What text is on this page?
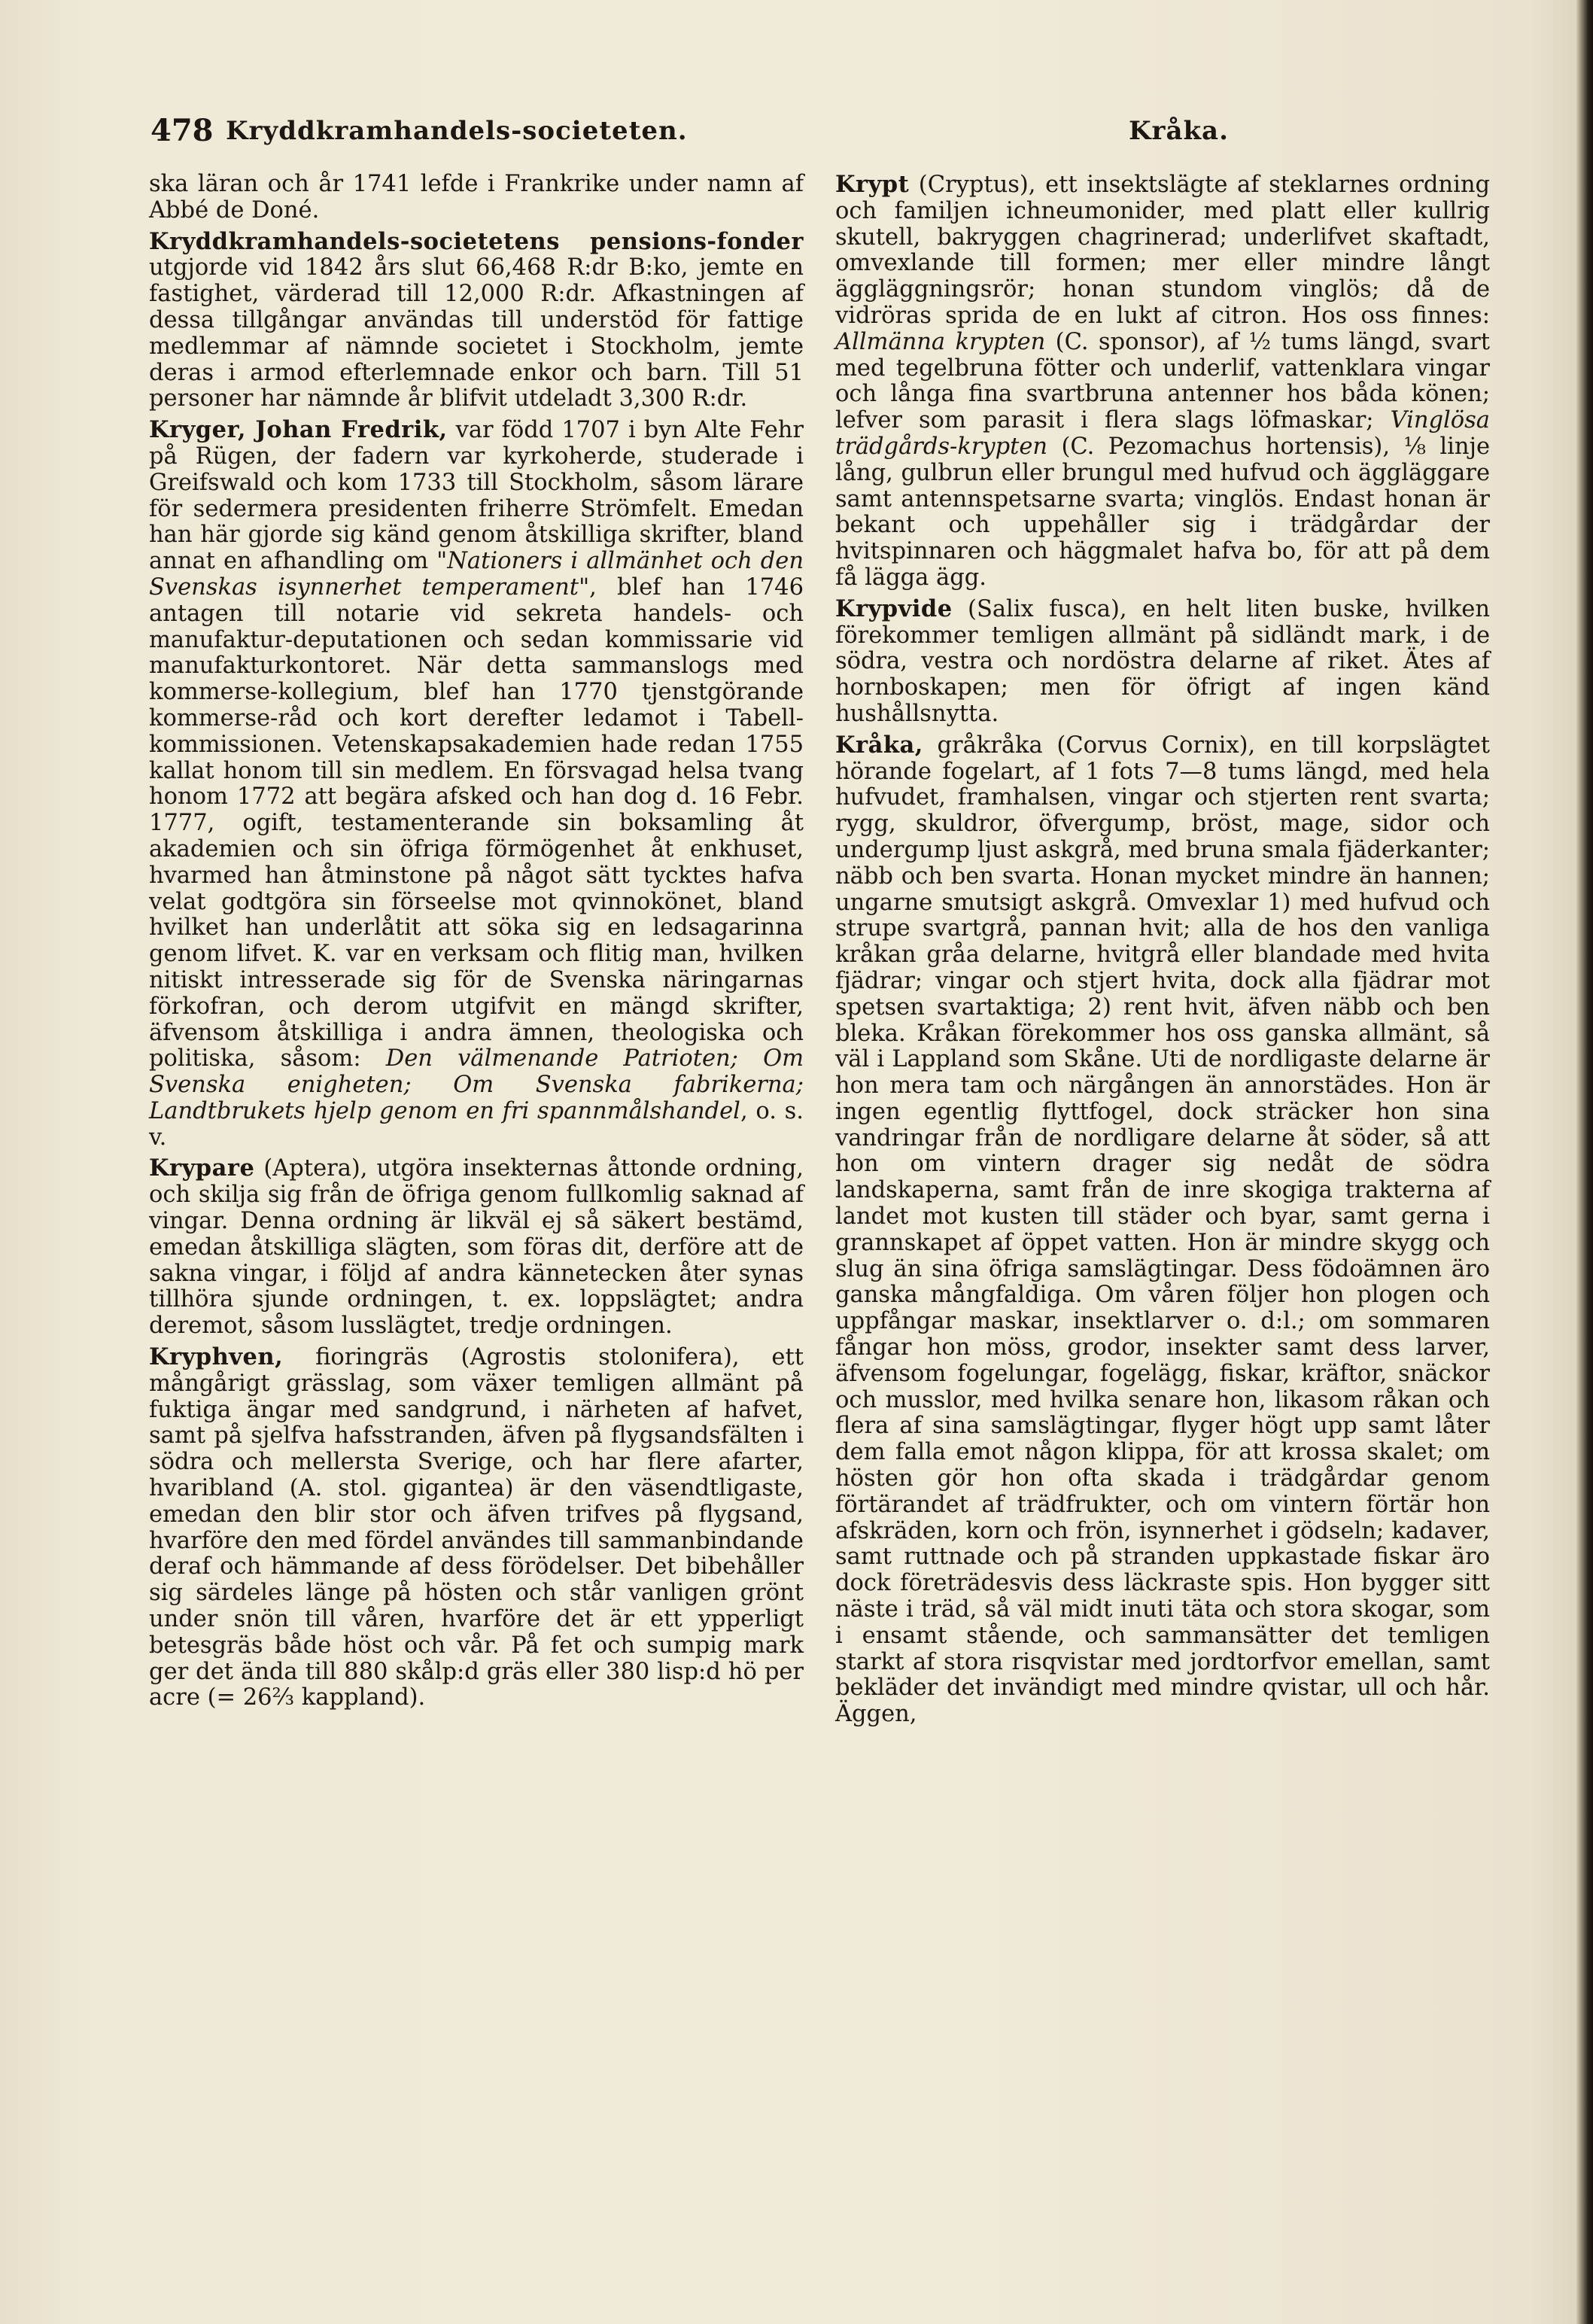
478 Kryddkramhandels-societeten.	Kråka.

ska läran och år 1741 lefde i Frankrike under namn af Abbé de Doné.

Kryddkramhandels-societetens pensions-fonder utgjorde vid 1842 års slut 66,468 R:dr B:ko, jemte en fastighet, värderad till 12,000 R:dr. Afkastningen af dessa tillgångar användas till understöd för fattige medlemmar af nämnde societet i Stockholm, jemte deras i armod efterlemnade enkor och barn. Till 51 personer har nämnde år blifvit utdeladt 3,300 R:dr.

Kryger, Johan Fredrik, var född 1707 i byn Alte Fehr på Rügen, der fadern var kyrkoherde, studerade i Greifswald och kom 1733 till Stockholm, såsom lärare för sedermera presidenten friherre Strömfelt. Emedan han här gjorde sig känd genom åtskilliga skrifter, bland annat en afhandling om "Nationers i allmänhet och den Svenskas isynnerhet temperament", blef han 1746 antagen till notarie vid sekreta handels- och manufaktur-deputationen och sedan kommissarie vid manufakturkontoret. När detta sammanslogs med kommerse-kollegium, blef han 1770 tjenstgörande kommerse-råd och kort derefter ledamot i Tabell-kommissionen. Vetenskapsakademien hade redan 1755 kallat honom till sin medlem. En försvagad helsa tvang honom 1772 att begära afsked och han dog d. 16 Febr. 1777, ogift, testamenterande sin boksamling åt akademien och sin öfriga förmögenhet åt enkhuset, hvarmed han åtminstone på något sätt tycktes hafva velat godtgöra sin förseelse mot qvinnokönet, bland hvilket han underlåtit att söka sig en ledsagarinna genom lifvet. K. var en verksam och flitig man, hvilken nitiskt intresserade sig för de Svenska näringarnas förkofran, och derom utgifvit en mängd skrifter, äfvensom åtskilliga i andra ämnen, theologiska och politiska, såsom: Den välmenande Patrioten; Om Svenska enigheten; Om Svenska fabrikerna; Landtbrukets hjelp genom en fri spannmålshandel, o. s. v.

Krypare (Aptera), utgöra insekternas åttonde ordning, och skilja sig från de öfriga genom fullkomlig saknad af vingar. Denna ordning är likväl ej så säkert bestämd, emedan åtskilliga slägten, som föras dit, derföre att de sakna vingar, i följd af andra kännetecken åter synas tillhöra sjunde ordningen, t. ex. loppslägtet; andra deremot, såsom lusslägtet, tredje ordningen.

Kryphven, fioringräs (Agrostis stolonifera), ett mångårigt grässlag, som växer temligen allmänt på fuktiga ängar med sandgrund, i närheten af hafvet, samt på sjelfva hafsstranden, äfven på flygsandsfälten i södra och mellersta Sverige, och har flere afarter, hvaribland (A. stol. gigantea) är den väsendtligaste, emedan den blir stor och äfven trifves på flygsand, hvarföre den med fördel användes till sammanbindande deraf och hämmande af dess förödelser. Det bibehåller sig särdeles länge på hösten och står vanligen grönt under snön till våren, hvarföre det är ett ypperligt betesgräs både höst och vår. På fet och sumpig mark ger det ända till 880 skålp:d gräs eller 380 lisp:d hö per acre (= 26⅔ kappland).

Krypt (Cryptus), ett insektslägte af steklarnes ordning och familjen ichneumonider, med platt eller kullrig skutell, bakryggen chagrinerad; underlifvet skaftadt, omvexlande till formen; mer eller mindre långt äggläggningsrör; honan stundom vinglös; då de vidröras sprida de en lukt af citron. Hos oss finnes: Allmänna krypten (C. sponsor), af ½ tums längd, svart med tegelbruna fötter och underlif, vattenklara vingar och långa fina svartbruna antenner hos båda könen; lefver som parasit i flera slags löfmaskar; Vinglösa trädgårds-krypten (C. Pezomachus hortensis), ⅛ linje lång, gulbrun eller brungul med hufvud och äggläggare samt antennspetsarne svarta; vinglös. Endast honan är bekant och uppehåller sig i trädgårdar der hvitspinnaren och häggmalet hafva bo, för att på dem få lägga ägg.

Krypvide (Salix fusca), en helt liten buske, hvilken förekommer temligen allmänt på sidländt mark, i de södra, vestra och nordöstra delarne af riket. Ätes af hornboskapen; men för öfrigt af ingen känd hushållsnytta.

Kråka, gråkråka (Corvus Cornix), en till korpslägtet hörande fogelart, af 1 fots 7—8 tums längd, med hela hufvudet, framhalsen, vingar och stjerten rent svarta; rygg, skuldror, öfvergump, bröst, mage, sidor och undergump ljust askgrå, med bruna smala fjäderkanter; näbb och ben svarta. Honan mycket mindre än hannen; ungarne smutsigt askgrå. Omvexlar 1) med hufvud och strupe svartgrå, pannan hvit; alla de hos den vanliga kråkan gråa delarne, hvitgrå eller blandade med hvita fjädrar; vingar och stjert hvita, dock alla fjädrar mot spetsen svartaktiga; 2) rent hvit, äfven näbb och ben bleka. Kråkan förekommer hos oss ganska allmänt, så väl i Lappland som Skåne. Uti de nordligaste delarne är hon mera tam och närgången än annorstädes. Hon är ingen egentlig flyttfogel, dock sträcker hon sina vandringar från de nordligare delarne åt söder, så att hon om vintern drager sig nedåt de södra landskaperna, samt från de inre skogiga trakterna af landet mot kusten till städer och byar, samt gerna i grannskapet af öppet vatten. Hon är mindre skygg och slug än sina öfriga samslägtingar. Dess födoämnen äro ganska mångfaldiga. Om våren följer hon plogen och uppfångar maskar, insektlarver o. d:l.; om sommaren fångar hon möss, grodor, insekter samt dess larver, äfvensom fogelungar, fogelägg, fiskar, kräftor, snäckor och musslor, med hvilka senare hon, likasom råkan och flera af sina samslägtingar, flyger högt upp samt låter dem falla emot någon klippa, för att krossa skalet; om hösten gör hon ofta skada i trädgårdar genom förtärandet af trädfrukter, och om vintern förtär hon afskräden, korn och frön, isynnerhet i gödseln; kadaver, samt ruttnade och på stranden uppkastade fiskar äro dock företrädesvis dess läckraste spis. Hon bygger sitt näste i träd, så väl midt inuti täta och stora skogar, som i ensamt stående, och sammansätter det temligen starkt af stora risqvistar med jordtorfvor emellan, samt bekläder det invändigt med mindre qvistar, ull och hår. Äggen,
